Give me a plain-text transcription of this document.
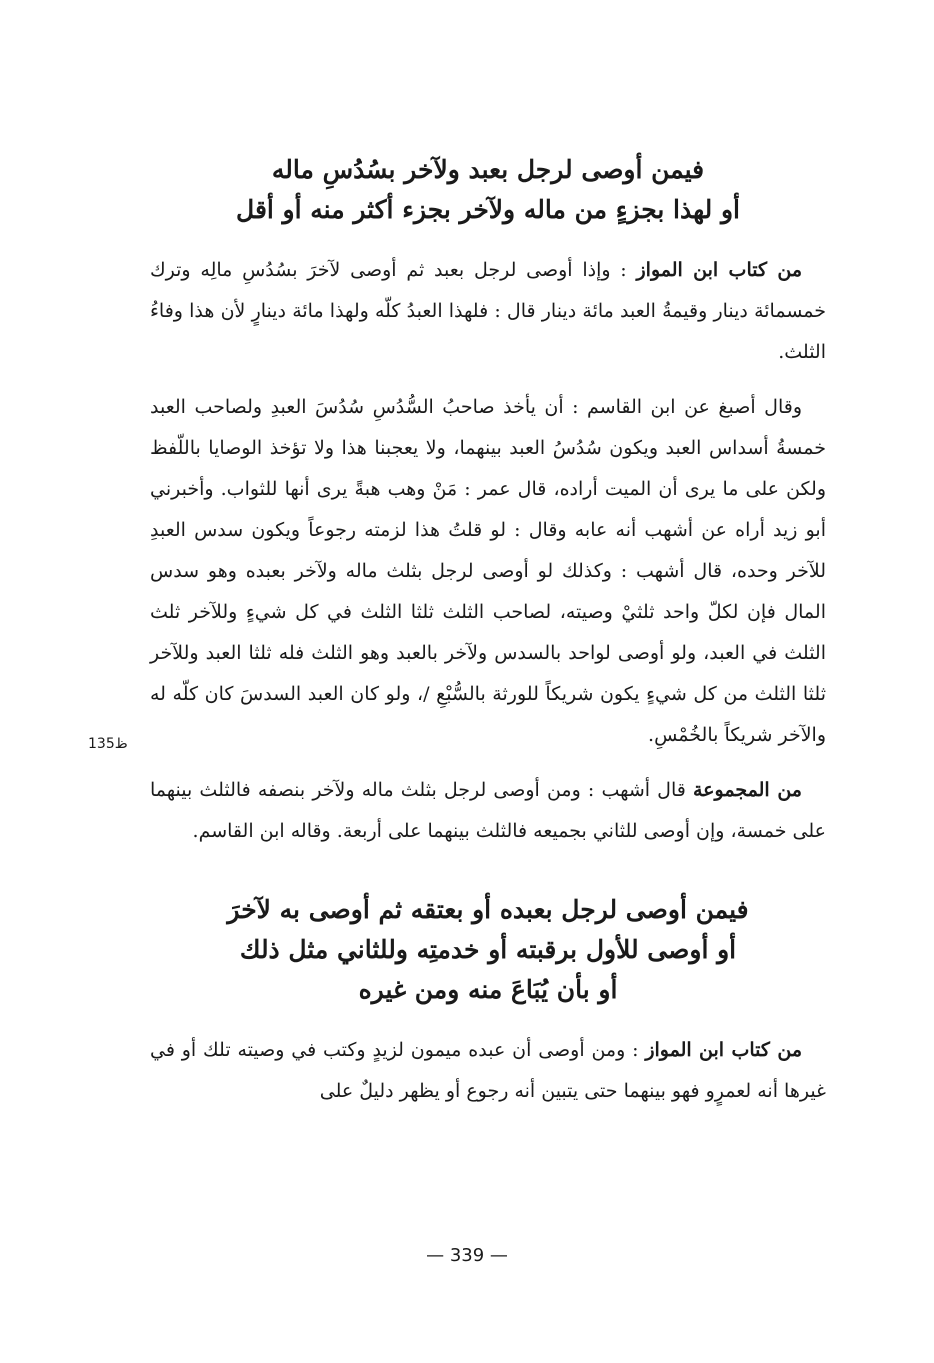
فيمن أوصى لرجل بعبد ولآخر بسُدُسِ ماله
أو لهذا بجزءٍ من ماله ولآخر بجزء أكثر منه أو أقل

من كتاب ابن المواز : وإذا أوصى لرجل بعبد ثم أوصى لآخرَ بسُدُسِ مالِه وترك خمسمائة دينار وقيمةُ العبد مائة دينار قال : فلهذا العبدُ كلّه ولهذا مائة دينارٍ لأن هذا وفاءُ الثلث.

وقال أصبغ عن ابن القاسم : أن يأخذ صاحبُ السُّدُسِ سُدُسَ العبدِ ولصاحب العبد خمسةُ أسداس العبد ويكون سُدُسُ العبد بينهما، ولا يعجبنا هذا ولا تؤخذ الوصايا باللّفظ ولكن على ما يرى أن الميت أراده، قال عمر : مَنْ وهب هبةً يرى أنها للثواب. وأخبرني أبو زيد أراه عن أشهب أنه عابه وقال : لو قلتُ هذا لزمته رجوعاً ويكون سدس العبدِ للآخر وحده، قال أشهب : وكذلك لو أوصى لرجل بثلث ماله ولآخر بعبده وهو سدس المال فإن لكلّ واحد ثلثيْ وصيته، لصاحب الثلث ثلثا الثلث في كل شيءٍ وللآخر ثلث الثلث في العبد، ولو أوصى لواحد بالسدس ولآخر بالعبد وهو الثلث فله ثلثا العبد وللآخر ثلثا الثلث من كل شيءٍ يكون شريكاً للورثة بالسُّبْعِ /، ولو كان العبد السدسَ كان كلّه له والآخر شريكاً بالخُمْسِ.

من المجموعة قال أشهب : ومن أوصى لرجل بثلث ماله ولآخر بنصفه فالثلث بينهما على خمسة، وإن أوصى للثاني بجميعه فالثلث بينهما على أربعة. وقاله ابن القاسم.

فيمن أوصى لرجل بعبده أو بعتقه ثم أوصى به لآخرَ
أو أوصى للأول برقبته أو خدمتِه وللثاني مثل ذلك
أو بأن يُبَاعَ منه ومن غيره

من كتاب ابن المواز : ومن أوصى أن عبده ميمون لزيدٍ وكتب في وصيته تلك أو في غيرها أنه لعمرٍو فهو بينهما حتى يتبين أنه رجوع أو يظهر دليلٌ على

135ظ
— 339 —
